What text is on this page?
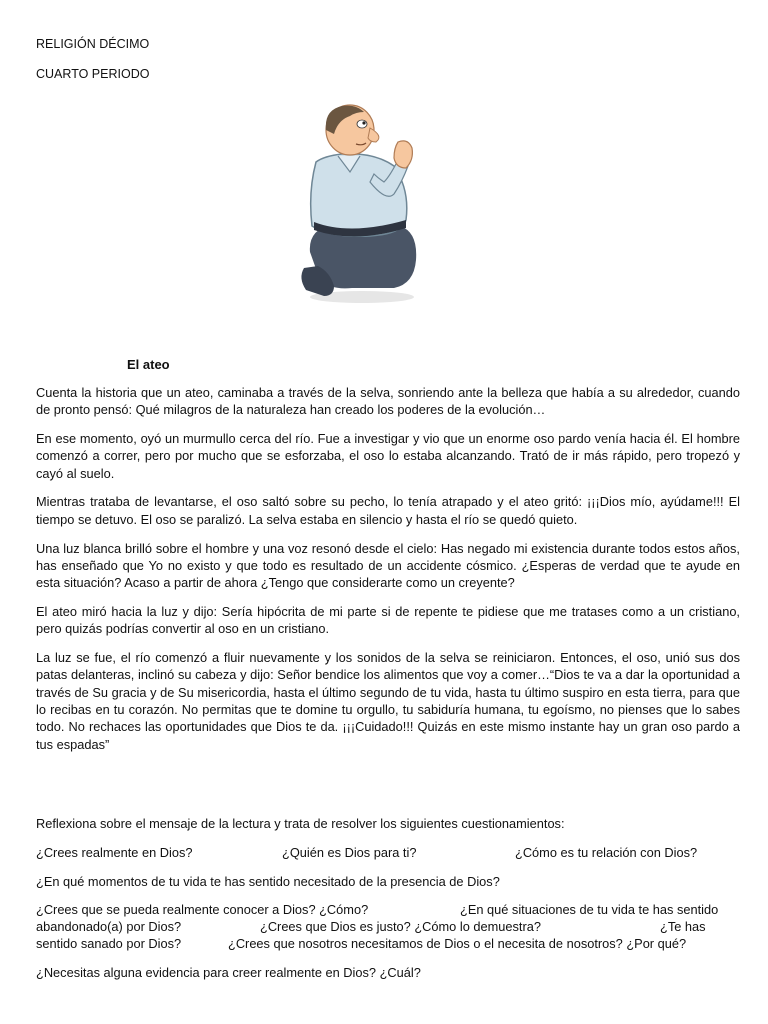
RELIGIÓN DÉCIMO
CUARTO PERIODO
El ateo

Cuenta la historia que un ateo, caminaba a través de la selva, sonriendo ante la belleza que había a su alrededor, cuando de pronto pensó: Qué milagros de la naturaleza han creado los poderes de la evolución…

En ese momento, oyó un murmullo cerca del río. Fue a investigar y vio que un enorme oso pardo venía hacia él. El hombre comenzó a correr, pero por mucho que se esforzaba, el oso lo estaba alcanzando. Trató de ir más rápido, pero tropezó y cayó al suelo.

Mientras trataba de levantarse, el oso saltó sobre su pecho, lo tenía atrapado y el ateo gritó: ¡¡¡Dios mío, ayúdame!!! El tiempo se detuvo. El oso se paralizó. La selva estaba en silencio y hasta el río se quedó quieto.

Una luz blanca brilló sobre el hombre y una voz resonó desde el cielo: Has negado mi existencia durante todos estos años, has enseñado que Yo no existo y que todo es resultado de un accidente cósmico. ¿Esperas de verdad que te ayude en esta situación? Acaso a partir de ahora ¿Tengo que considerarte como un creyente?

El ateo miró hacia la luz y dijo: Sería hipócrita de mi parte si de repente te pidiese que me tratases como a un cristiano, pero quizás podrías convertir al oso en un cristiano.

La luz se fue, el río comenzó a fluir nuevamente y los sonidos de la selva se reiniciaron. Entonces, el oso, unió sus dos patas delanteras, inclinó su cabeza y dijo: Señor bendice los alimentos que voy a comer…“Dios te va a dar la oportunidad a través de Su gracia y de Su misericordia, hasta el último segundo de tu vida, hasta tu último suspiro en esta tierra, para que lo recibas en tu corazón. No permitas que te domine tu orgullo, tu sabiduría humana, tu egoísmo, no pienses que lo sabes todo. No rechaces las oportunidades que Dios te da. ¡¡¡Cuidado!!! Quizás en este mismo instante hay un gran oso pardo a tus espadas”

Reflexiona sobre el mensaje de la lectura y trata de resolver los siguientes cuestionamientos:

¿Crees realmente en Dios?	¿Quién es Dios para ti?	¿Cómo es tu relación con Dios?

¿En qué momentos de tu vida te has sentido necesitado de la presencia de Dios?

¿Crees que se pueda realmente conocer a Dios? ¿Cómo?	¿En qué situaciones de tu vida te has sentido
abandonado(a) por Dios?	¿Crees que Dios es justo? ¿Cómo lo demuestra?	¿Te has
sentido sanado por Dios?	¿Crees que nosotros necesitamos de Dios o el necesita de nosotros? ¿Por qué?

¿Necesitas alguna evidencia para creer realmente en Dios? ¿Cuál?
